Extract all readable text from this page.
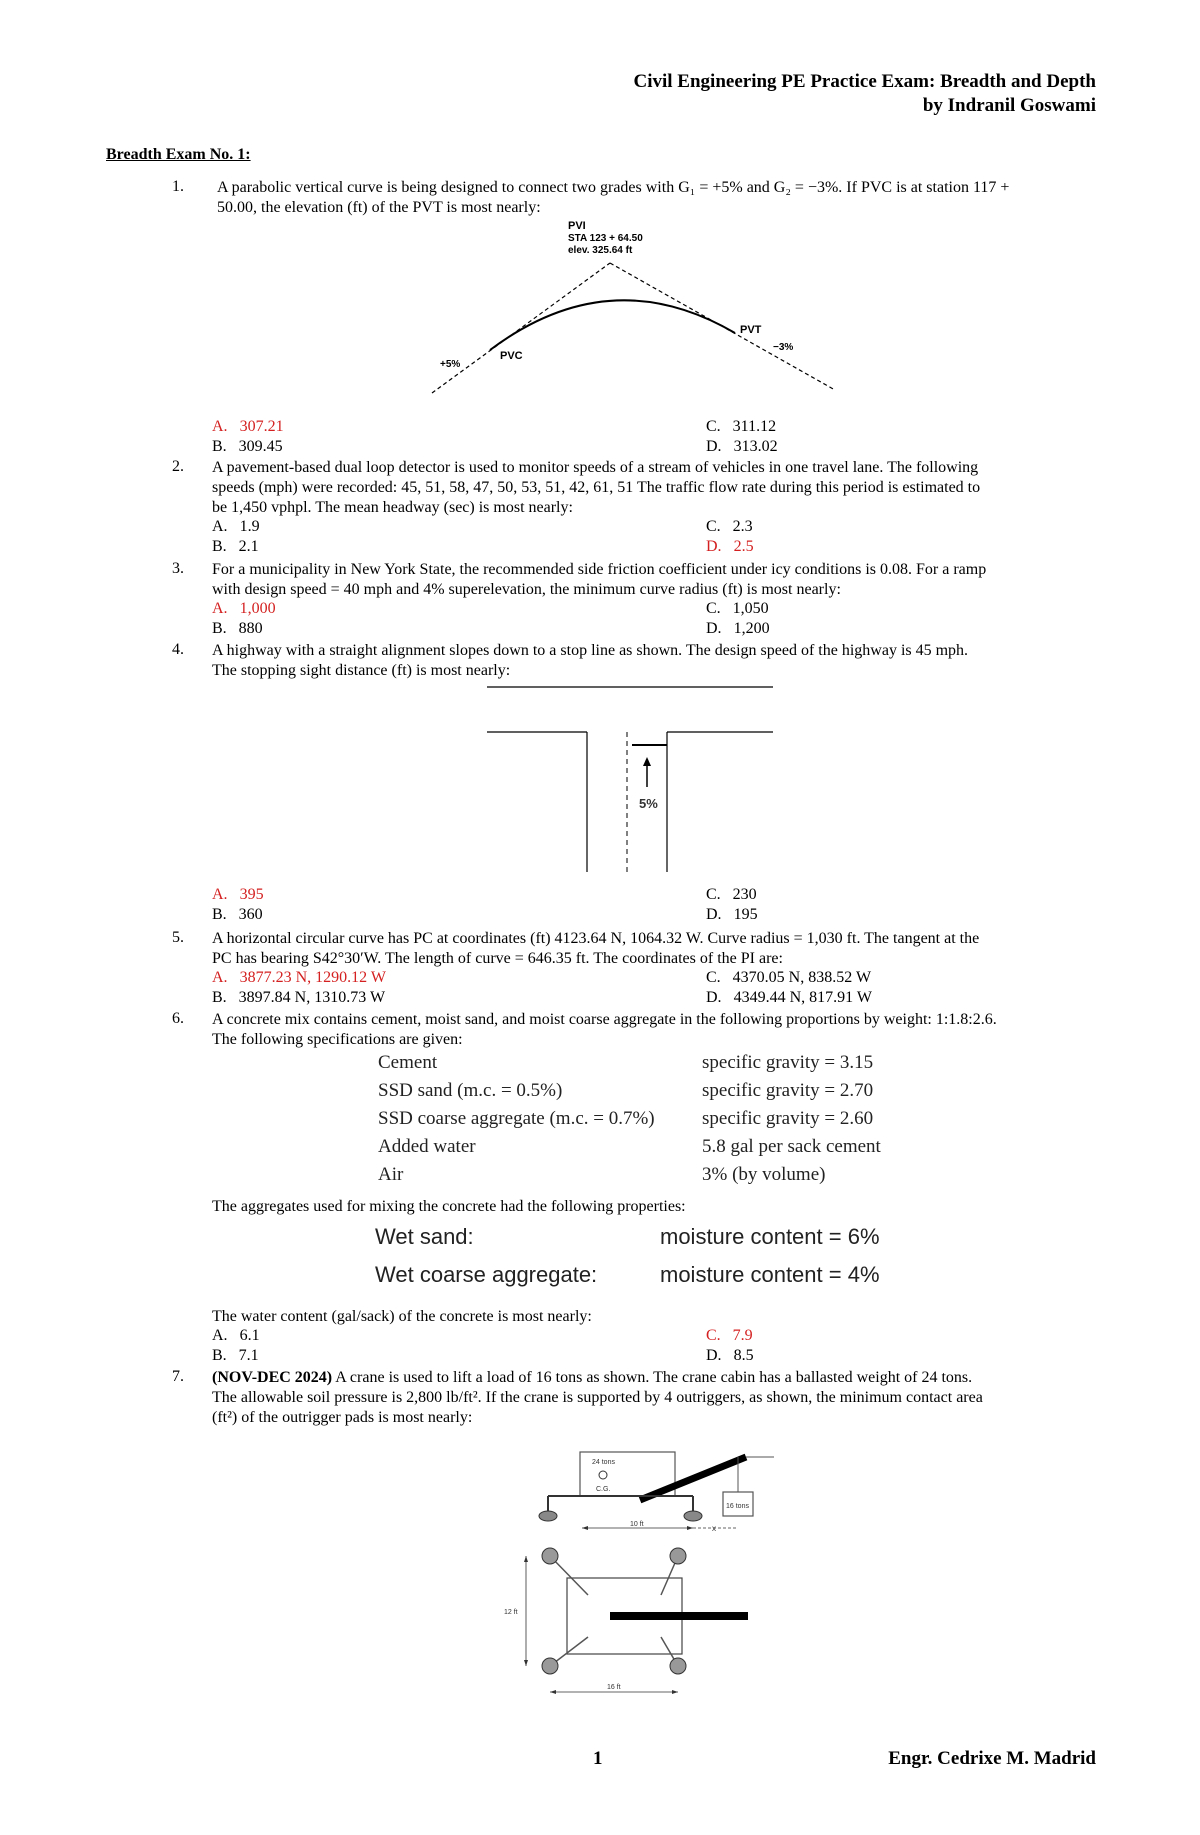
Civil Engineering PE Practice Exam: Breadth and Depth
by Indranil Goswami
Breadth Exam No. 1:
1. A parabolic vertical curve is being designed to connect two grades with G₁ = +5% and G₂ = −3%. If PVC is at station 117 +
50.00, the elevation (ft) of the PVT is most nearly:
PVI
STA 123 + 64.50
elev. 325.64 ft
PVT
PVC
+5%
−3%
A. 307.21
B. 309.45
C. 311.12
D. 313.02
2. A pavement-based dual loop detector is used to monitor speeds of a stream of vehicles in one travel lane. The following
speeds (mph) were recorded: 45, 51, 58, 47, 50, 53, 51, 42, 61, 51 The traffic flow rate during this period is estimated to
be 1,450 vphpl. The mean headway (sec) is most nearly:
A. 1.9
B. 2.1
C. 2.3
D. 2.5
3. For a municipality in New York State, the recommended side friction coefficient under icy conditions is 0.08. For a ramp
with design speed = 40 mph and 4% superelevation, the minimum curve radius (ft) is most nearly:
A. 1,000
B. 880
C. 1,050
D. 1,200
4. A highway with a straight alignment slopes down to a stop line as shown. The design speed of the highway is 45 mph.
The stopping sight distance (ft) is most nearly:
5%
A. 395
B. 360
C. 230
D. 195
5. A horizontal circular curve has PC at coordinates (ft) 4123.64 N, 1064.32 W. Curve radius = 1,030 ft. The tangent at the
PC has bearing S42°30′W. The length of curve = 646.35 ft. The coordinates of the PI are:
A. 3877.23 N, 1290.12 W
B. 3897.84 N, 1310.73 W
C. 4370.05 N, 838.52 W
D. 4349.44 N, 817.91 W
6. A concrete mix contains cement, moist sand, and moist coarse aggregate in the following proportions by weight: 1:1.8:2.6.
The following specifications are given:
Cement	specific gravity = 3.15
SSD sand (m.c. = 0.5%)	specific gravity = 2.70
SSD coarse aggregate (m.c. = 0.7%) specific gravity = 2.60
Added water	5.8 gal per sack cement
Air	3% (by volume)
The aggregates used for mixing the concrete had the following properties:
Wet sand:	moisture content = 6%
Wet coarse aggregate:	moisture content = 4%
The water content (gal/sack) of the concrete is most nearly:
A. 6.1
B. 7.1
C. 7.9
D. 8.5
7. (NOV-DEC 2024) A crane is used to lift a load of 16 tons as shown. The crane cabin has a ballasted weight of 24 tons.
The allowable soil pressure is 2,800 lb/ft². If the crane is supported by 4 outriggers, as shown, the minimum contact area
(ft²) of the outrigger pads is most nearly:
24 tons
C.G.
16 tons
10 ft	x
12 ft
16 ft
1	Engr. Cedrixe M. Madrid
